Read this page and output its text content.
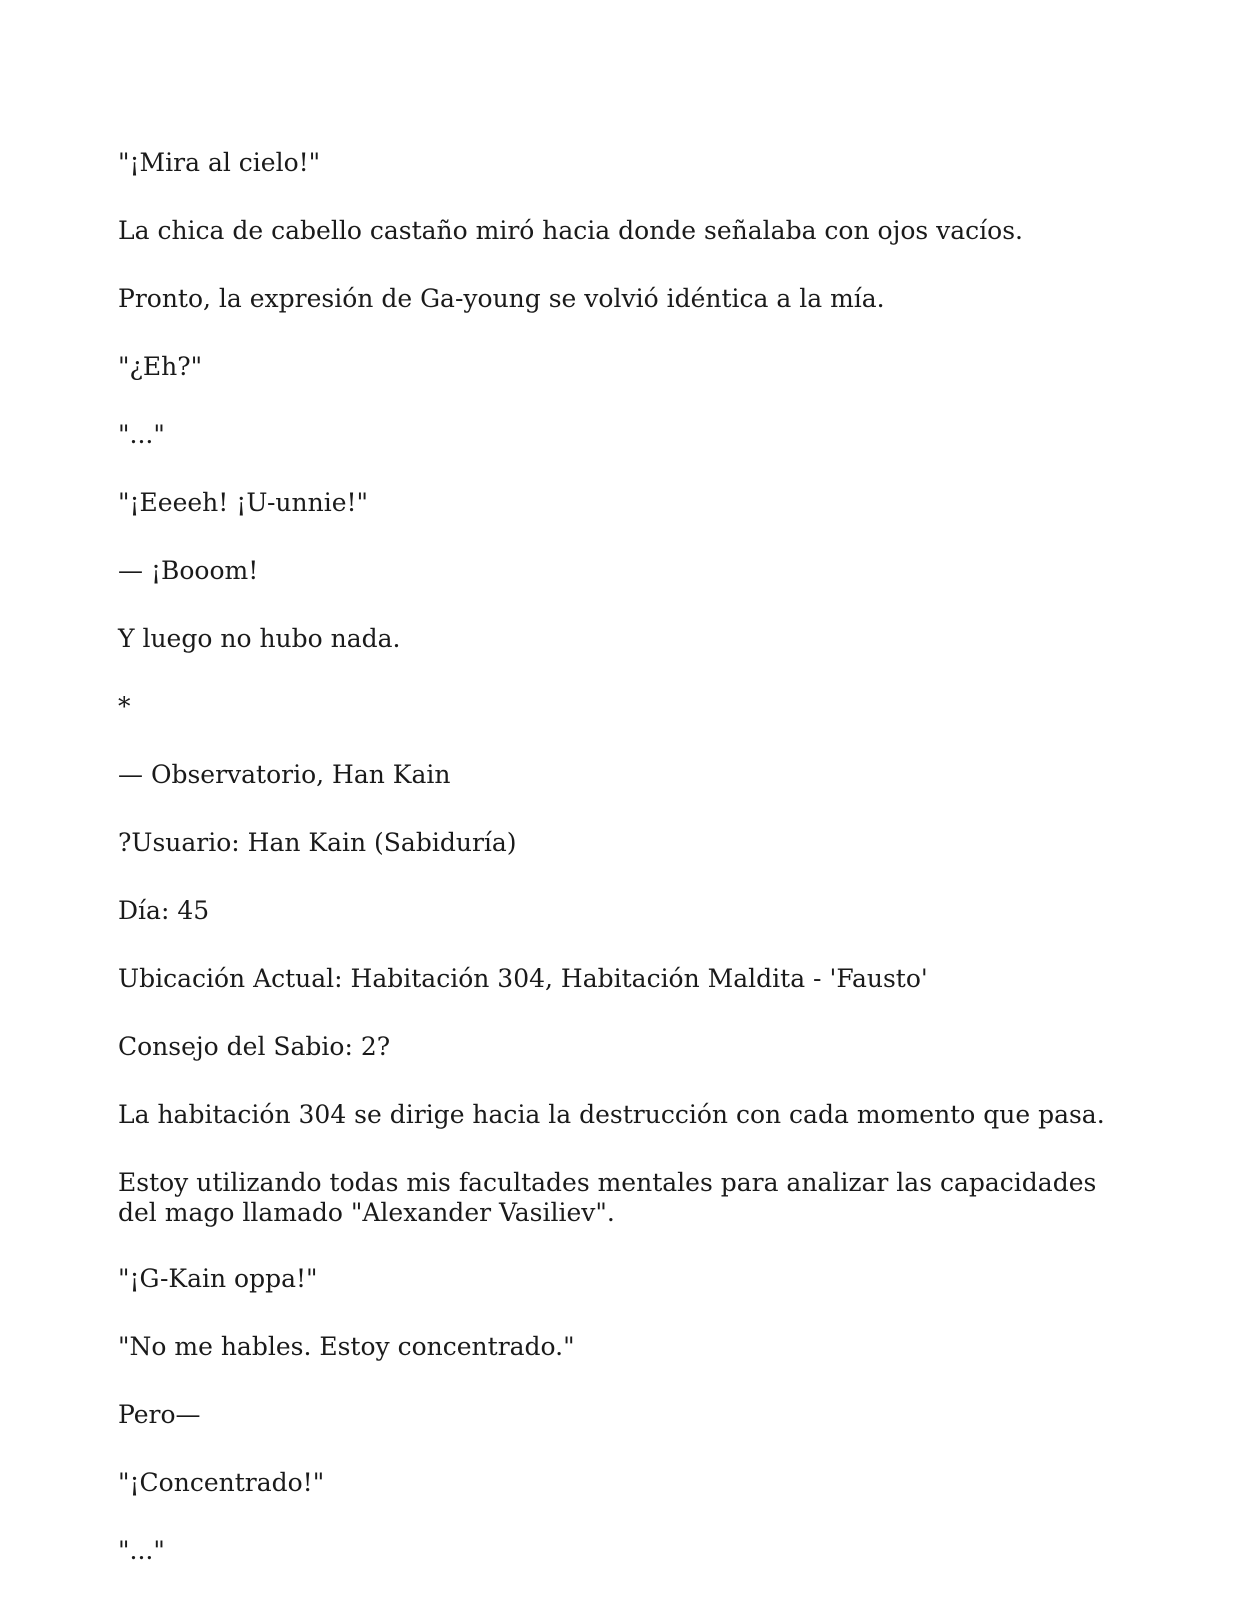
"¡Mira al cielo!"

La chica de cabello castaño miró hacia donde señalaba con ojos vacíos.

Pronto, la expresión de Ga-young se volvió idéntica a la mía.

"¿Eh?"

"..."

"¡Eeeeh! ¡U-unnie!"

— ¡Booom!

Y luego no hubo nada.

*

— Observatorio, Han Kain

?Usuario: Han Kain (Sabiduría)

Día: 45

Ubicación Actual: Habitación 304, Habitación Maldita - 'Fausto'

Consejo del Sabio: 2?

La habitación 304 se dirige hacia la destrucción con cada momento que pasa.

Estoy utilizando todas mis facultades mentales para analizar las capacidades del mago llamado "Alexander Vasiliev".

"¡G-Kain oppa!"

"No me hables. Estoy concentrado."

Pero—

"¡Concentrado!"

"..."
